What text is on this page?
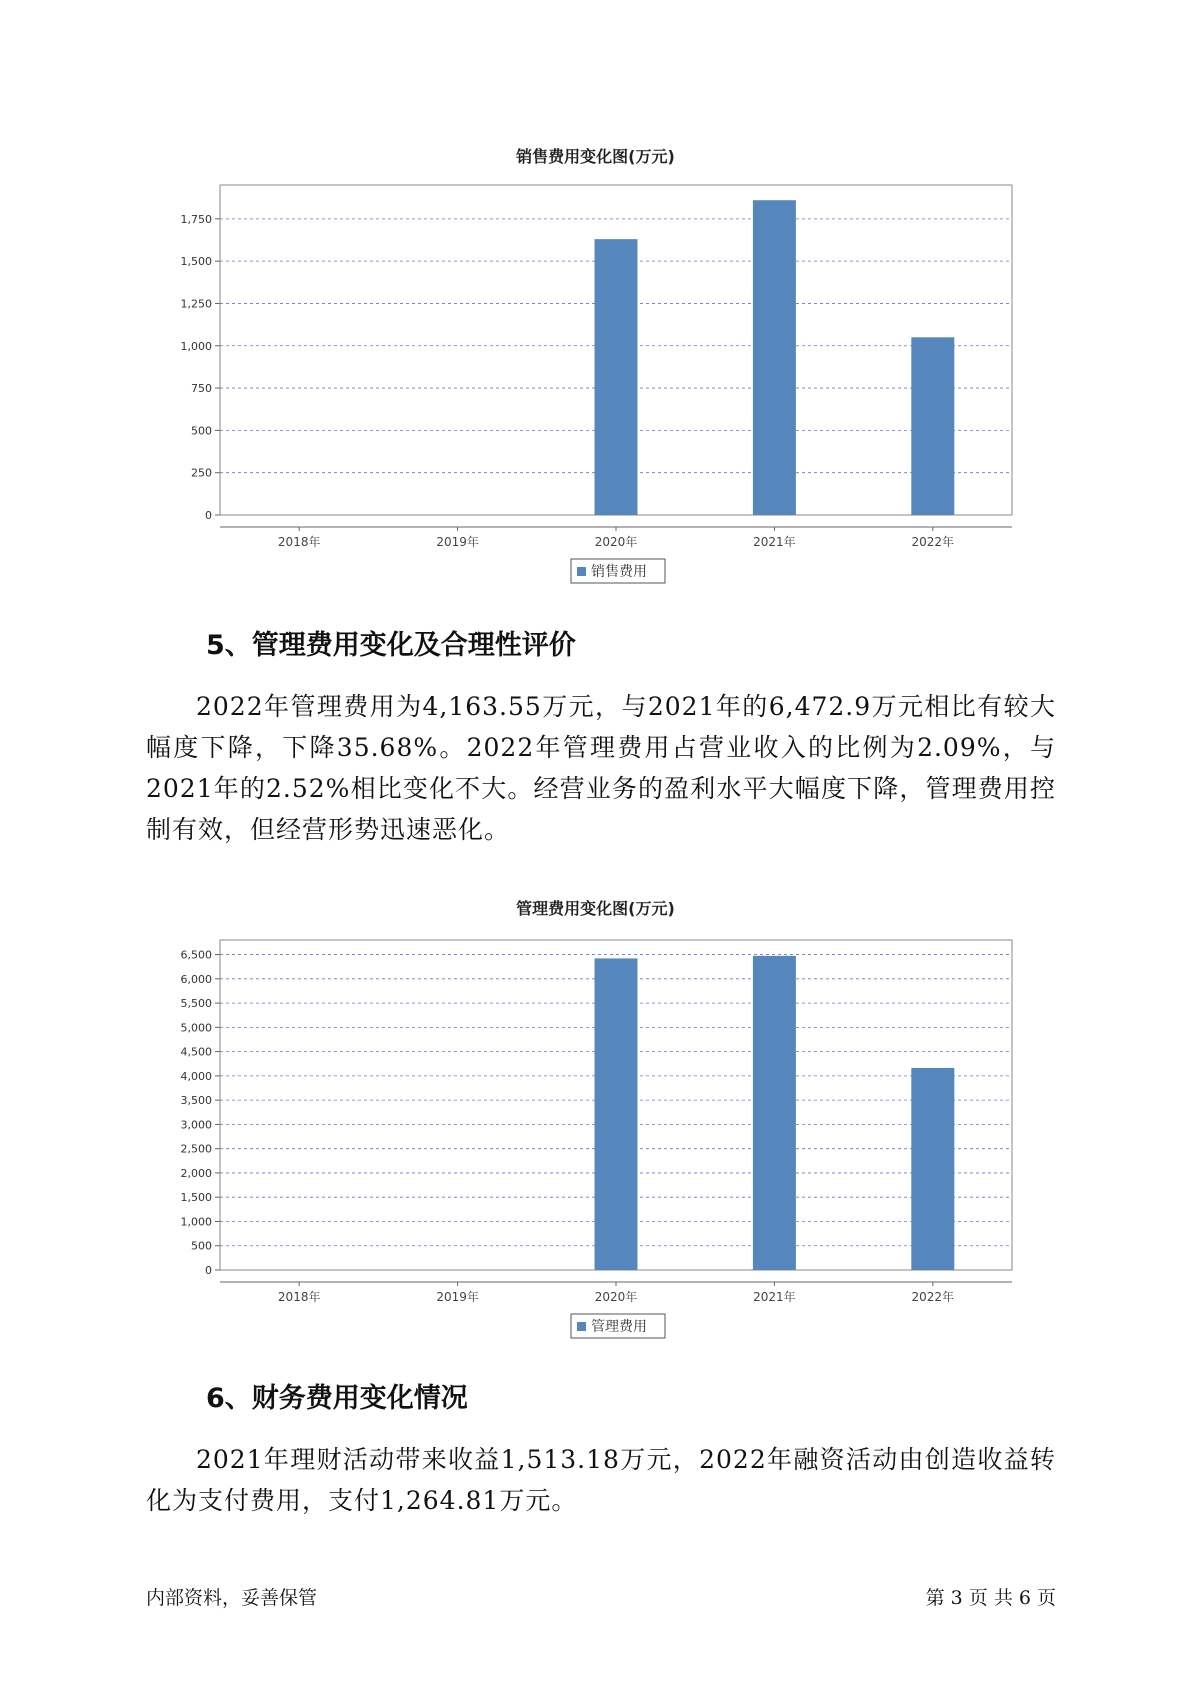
销售费用变化图(万元)
0
250
500
750
1,000
1,250
1,500
1,750
2018年	2019年	2020年	2021年	2022年
销售费用
5、管理费用变化及合理性评价

2022年管理费用为4,163.55万元，与2021年的6,472.9万元相比有较大幅度下降，下降35.68%。2022年管理费用占营业收入的比例为2.09%，与2021年的2.52%相比变化不大。经营业务的盈利水平大幅度下降，管理费用控制有效，但经营形势迅速恶化。

管理费用变化图(万元)
0
500
1,000
1,500
2,000
2,500
3,000
3,500
4,000
4,500
5,000
5,500
6,000
6,500
2018年	2019年	2020年	2021年	2022年
管理费用
6、财务费用变化情况

2021年理财活动带来收益1,513.18万元，2022年融资活动由创造收益转化为支付费用，支付1,264.81万元。

内部资料，妥善保管	第 3 页 共 6 页
